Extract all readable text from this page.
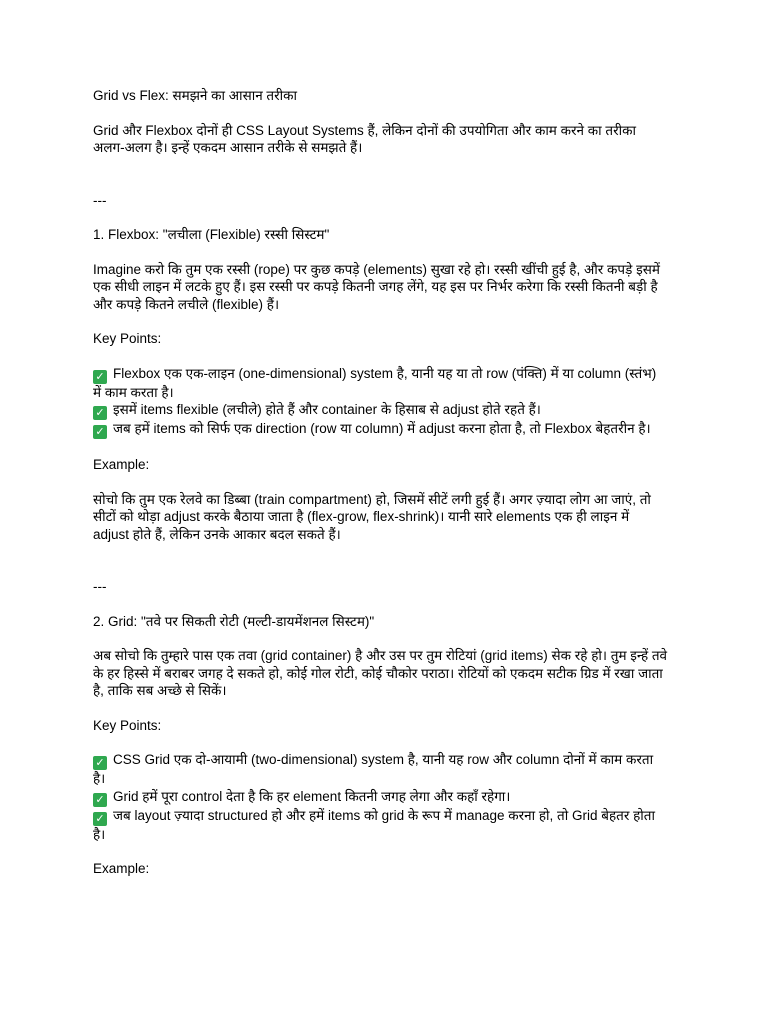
Grid vs Flex: समझने का आसान तरीका

Grid और Flexbox दोनों ही CSS Layout Systems हैं, लेकिन दोनों की उपयोगिता और काम करने का तरीका अलग-अलग है। इन्हें एकदम आसान तरीके से समझते हैं।

---

1. Flexbox: "लचीला (Flexible) रस्सी सिस्टम"

Imagine करो कि तुम एक रस्सी (rope) पर कुछ कपड़े (elements) सुखा रहे हो। रस्सी खींची हुई है, और कपड़े इसमें एक सीधी लाइन में लटके हुए हैं। इस रस्सी पर कपड़े कितनी जगह लेंगे, यह इस पर निर्भर करेगा कि रस्सी कितनी बड़ी है और कपड़े कितने लचीले (flexible) हैं।

Key Points:

✓ Flexbox एक एक-लाइन (one-dimensional) system है, यानी यह या तो row (पंक्ति) में या column (स्तंभ) में काम करता है।

✓ इसमें items flexible (लचीले) होते हैं और container के हिसाब से adjust होते रहते हैं।

✓ जब हमें items को सिर्फ एक direction (row या column) में adjust करना होता है, तो Flexbox बेहतरीन है।

Example:

सोचो कि तुम एक रेलवे का डिब्बा (train compartment) हो, जिसमें सीटें लगी हुई हैं। अगर ज़्यादा लोग आ जाएं, तो सीटों को थोड़ा adjust करके बैठाया जाता है (flex-grow, flex-shrink)। यानी सारे elements एक ही लाइन में adjust होते हैं, लेकिन उनके आकार बदल सकते हैं।

---

2. Grid: "तवे पर सिकती रोटी (मल्टी-डायमेंशनल सिस्टम)"

अब सोचो कि तुम्हारे पास एक तवा (grid container) है और उस पर तुम रोटियां (grid items) सेक रहे हो। तुम इन्हें तवे के हर हिस्से में बराबर जगह दे सकते हो, कोई गोल रोटी, कोई चौकोर पराठा। रोटियों को एकदम सटीक ग्रिड में रखा जाता है, ताकि सब अच्छे से सिकें।

Key Points:

✓ CSS Grid एक दो-आयामी (two-dimensional) system है, यानी यह row और column दोनों में काम करता है।

✓ Grid हमें पूरा control देता है कि हर element कितनी जगह लेगा और कहाँ रहेगा।

✓ जब layout ज़्यादा structured हो और हमें items को grid के रूप में manage करना हो, तो Grid बेहतर होता है।

Example:
